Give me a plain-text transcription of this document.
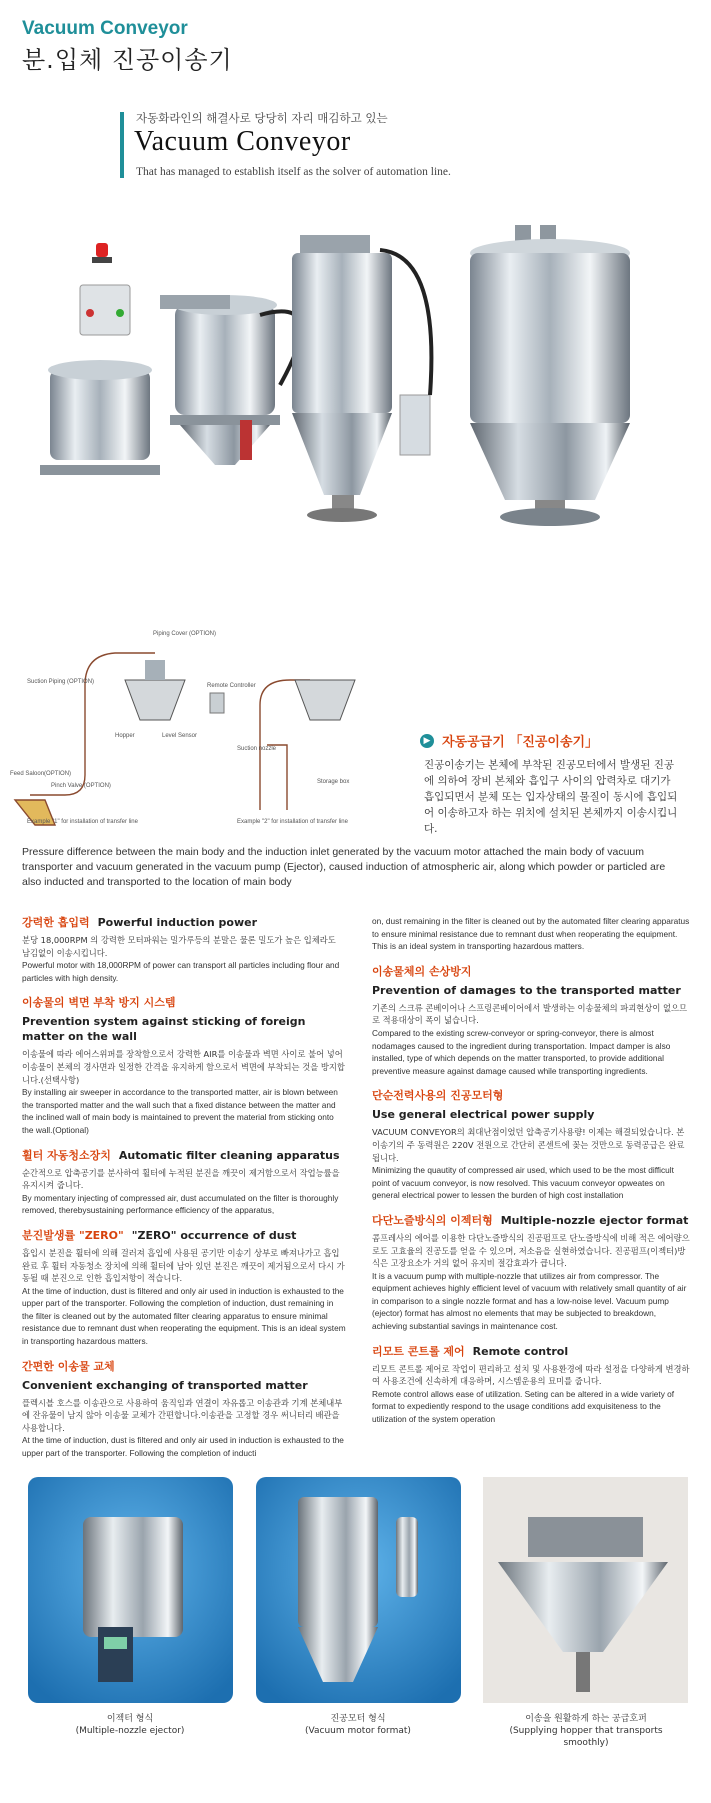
Vacuum Conveyor
분.입체 진공이송기
자동화라인의 해결사로 당당히 자리 매김하고 있는
Vacuum Conveyor
That has managed to establish itself as the solver of automation line.
Piping Cover (OPTION)
Remote Controller
Suction Piping (OPTION)
Hopper	Level Sensor
Feed Saloon(OPTION)
Pinch Valve (OPTION)
Suction nozzle
Storage box
Example "1" for installation of transfer line	Example "2" for installation of transfer line
▶ 자동공급기 「진공이송기」
진공이송기는 본체에 부착된 진공모터에서 발생된 진공에 의하여 장비 본체와 흡입구 사이의 압력차로 대기가 흡입되면서 분체 또는 입자상태의 물질이 동시에 흡입되어 이송하고자 하는 위치에 설치된 본체까지 이송시킵니다.
Pressure difference between the main body and the induction inlet generated by the vacuum motor attached the main body of vacuum transporter and vacuum generated in the vacuum pump (Ejector), caused induction of atmospheric air, along which powder or particled are also inducted and transported to the location of main body
강력한 흡입력 Powerful induction power
분당 18,000RPM 의 강력한 모터파워는 밀가루등의 분말은 물론 밀도가 높은 입체라도 남김없이 이송시킵니다.
Powerful motor with 18,000RPM of power can transport all particles including flour and particles with high density.
이송물의 벽면 부착 방지 시스템
Prevention system against sticking of foreign matter on the wall
이송물에 따라 에어스위퍼를 장착함으로서 강력한 AIR를 이송물과 벽면 사이로 불어 넣어 이송물이 본체의 경사면과 일정한 간격을 유지하게 함으로서 벽면에 부착되는 것을 방지합니다.(선택사항)
By installing air sweeper in accordance to the transported matter, air is blown between the transported matter and the wall such that a fixed distance between the matter and the inclined wall of main body is maintained to prevent the material from sticking onto the wall.(Optional)
휠터 자동청소장치 Automatic filter cleaning apparatus
순간적으로 압축공기를 분사하여 휠터에 누적된 분진을 깨끗이 제거함으로서 작업능률을 유지시켜 줍니다.
By momentary injecting of compressed air, dust accumulated on the filter is thoroughly removed, therebysustaining performance efficiency of the apparatus,
분진발생률 "ZERO" "ZERO" occurrence of dust
흡입시 분진을 휠터에 의해 걸러져 흡입에 사용된 공기만 이송기 상부로 빠져나가고 흡입완료 후 휠터 자동청소 장치에 의해 휠터에 남아 있던 분진은 깨끗이 제거됨으로서 다시 가동될 때 분진으로 인한 흡입저항이 적습니다.
At the time of induction, dust is filtered and only air used in induction is exhausted to the upper part of the transporter. Following the completion of induction, dust remaining in the filter is cleaned out by the automated filter clearing apparatus to ensure minimal resistance due to remnant dust when reoperating the equipment. This is an ideal system in transporting hazardous matters.
간편한 이송물 교체
Convenient exchanging of transported matter
플렉시블 호스를 이송관으로 사용하여 움직임과 연결이 자유롭고 이송관과 기계 본체내부에 잔유물이 남지 않아 이송물 교체가 간편합니다.이송관을 고정할 경우 써니터리 배관을 사용합니다.
At the time of induction, dust is filtered and only air used in induction is exhausted to the upper part of the transporter. Following the completion of inducti
on, dust remaining in the filter is cleaned out by the automated filter clearing apparatus to ensure minimal resistance due to remnant dust when reoperating the equipment. This is an ideal system in transporting hazardous matters.
이송물체의 손상방지
Prevention of damages to the transported matter
기존의 스크류 콘베이어나 스프링콘베이어에서 발생하는 이송물체의 파괴현상이 없으므로 적용대상이 폭이 넓습니다.
Compared to the existing screw-conveyor or spring-conveyor, there is almost nodamages caused to the ingredient during transportation. Impact damper is also installed, type of which depends on the matter transported, to provide additional preventive measure against damage caused while transporting ingredients.
단순전력사용의 진공모터형
Use general electrical power supply
VACUUM CONVEYOR의 최대난점이었던 압축공기사용량! 이제는 해결되었습니다. 본 이송기의 주 동력원은 220V 전원으로 간단히 콘센트에 꽂는 것만으로 동력공급은 완료됩니다.
Minimizing the quautity of compressed air used, which used to be the most difficult point of vacuum conveyor, is now resolved. This vacuum conveyor opweates on general electrical power to lessen the burden of high cost installation
다단노즐방식의 이젝터형 Multiple-nozzle ejector format
콤프레사의 에어를 이용한 다단노즐방식의 진공펌프로 단노즐방식에 비해 적은 에어량으로도 고효율의 진공도를 얻을 수 있으며, 저소음을 실현하였습니다. 진공펌프(이젝터)방식은 고장요소가 거의 없어 유지비 절감효과가 큽니다.
It is a vacuum pump with multiple-nozzle that utilizes air from compressor. The equipment achieves highly efficient level of vacuum with relatively small quantity of air in comparison to a single nozzle format and has a low-noise level. Vacuum pump (ejector) format has almost no elements that may be subjected to breakdown, achieving substantial savings in maintenance cost.
리모트 콘트롤 제어 Remote control
리모트 콘트롤 제어로 작업이 편리하고 설치 및 사용환경에 따라 설정을 다양하게 변경하여 사용조건에 신속하게 대응하며, 시스템운용의 묘미를 줍니다.
Remote control allows ease of utilization. Seting can be altered in a wide variety of format to expediently respond to the usage conditions add exquisiteness to the utilization of the system operation
이젝터 형식
(Multiple-nozzle ejector)
진공모터 형식
(Vacuum motor format)
이송을 원활하게 하는 공급호퍼
(Supplying hopper that transports smoothly)
